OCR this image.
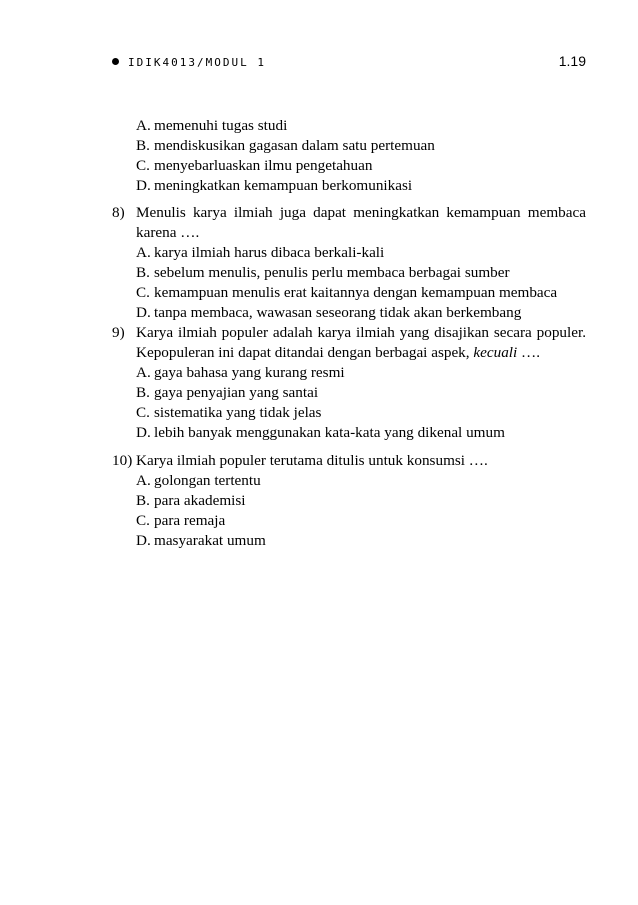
IDIK4013/MODUL 1	1.19
A. memenuhi tugas studi
B. mendiskusikan gagasan dalam satu pertemuan
C. menyebarluaskan ilmu pengetahuan
D. meningkatkan kemampuan berkomunikasi
8) Menulis karya ilmiah juga dapat meningkatkan kemampuan membaca karena ….
A. karya ilmiah harus dibaca berkali-kali
B. sebelum menulis, penulis perlu membaca berbagai sumber
C. kemampuan menulis erat kaitannya dengan kemampuan membaca
D. tanpa membaca, wawasan seseorang tidak akan berkembang
9) Karya ilmiah populer adalah karya ilmiah yang disajikan secara populer. Kepopuleran ini dapat ditandai dengan berbagai aspek, kecuali ….
A. gaya bahasa yang kurang resmi
B. gaya penyajian yang santai
C. sistematika yang tidak jelas
D. lebih banyak menggunakan kata-kata yang dikenal umum
10) Karya ilmiah populer terutama ditulis untuk konsumsi ….
A. golongan tertentu
B. para akademisi
C. para remaja
D. masyarakat umum
